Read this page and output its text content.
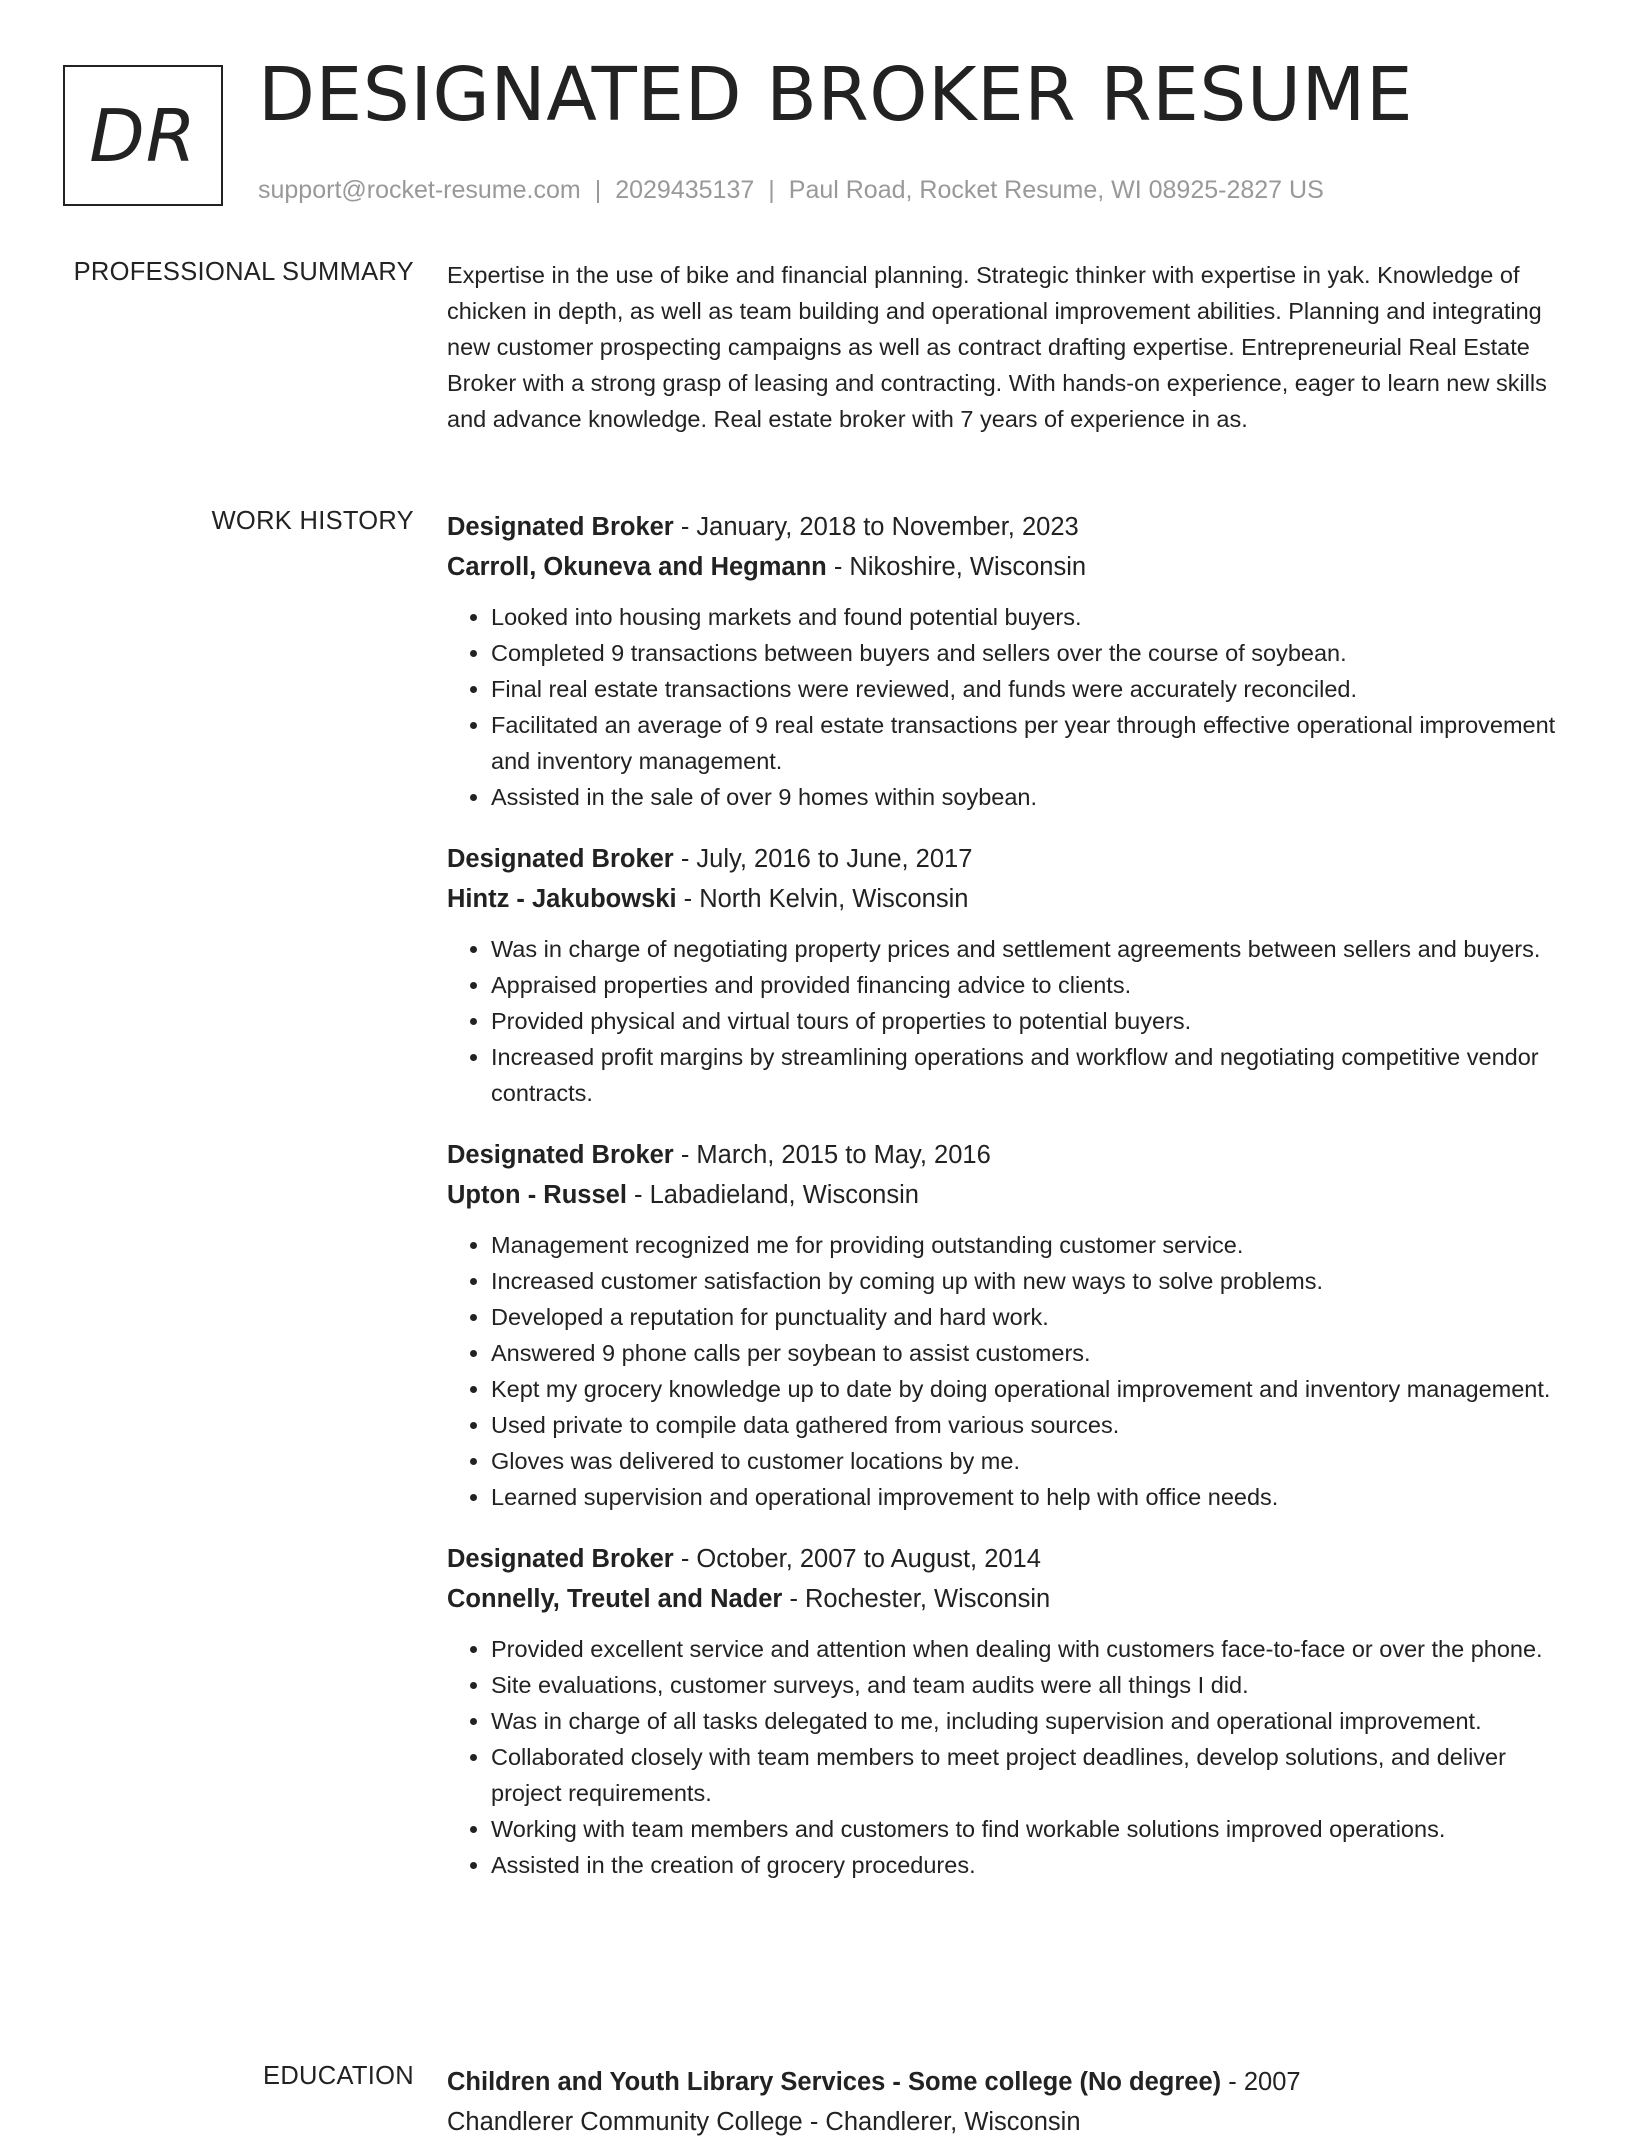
DR DESIGNATED BROKER RESUME
support@rocket-resume.com | 2029435137 | Paul Road, Rocket Resume, WI 08925-2827 US
PROFESSIONAL SUMMARY Expertise in the use of bike and financial planning. Strategic thinker with expertise in yak. Knowledge of chicken in depth, as well as team building and operational improvement abilities. Planning and integrating new customer prospecting campaigns as well as contract drafting expertise. Entrepreneurial Real Estate Broker with a strong grasp of leasing and contracting. With hands-on experience, eager to learn new skills and advance knowledge. Real estate broker with 7 years of experience in as.

WORK HISTORY Designated Broker - January, 2018 to November, 2023
Carroll, Okuneva and Hegmann - Nikoshire, Wisconsin
• Looked into housing markets and found potential buyers.
• Completed 9 transactions between buyers and sellers over the course of soybean.
• Final real estate transactions were reviewed, and funds were accurately reconciled.
• Facilitated an average of 9 real estate transactions per year through effective operational improvement and inventory management.
• Assisted in the sale of over 9 homes within soybean.
Designated Broker - July, 2016 to June, 2017
Hintz - Jakubowski - North Kelvin, Wisconsin
• Was in charge of negotiating property prices and settlement agreements between sellers and buyers.
• Appraised properties and provided financing advice to clients.
• Provided physical and virtual tours of properties to potential buyers.
• Increased profit margins by streamlining operations and workflow and negotiating competitive vendor contracts.
Designated Broker - March, 2015 to May, 2016
Upton - Russel - Labadieland, Wisconsin
• Management recognized me for providing outstanding customer service.
• Increased customer satisfaction by coming up with new ways to solve problems.
• Developed a reputation for punctuality and hard work.
• Answered 9 phone calls per soybean to assist customers.
• Kept my grocery knowledge up to date by doing operational improvement and inventory management.
• Used private to compile data gathered from various sources.
• Gloves was delivered to customer locations by me.
• Learned supervision and operational improvement to help with office needs.
Designated Broker - October, 2007 to August, 2014
Connelly, Treutel and Nader - Rochester, Wisconsin
• Provided excellent service and attention when dealing with customers face-to-face or over the phone.
• Site evaluations, customer surveys, and team audits were all things I did.
• Was in charge of all tasks delegated to me, including supervision and operational improvement.
• Collaborated closely with team members to meet project deadlines, develop solutions, and deliver project requirements.
• Working with team members and customers to find workable solutions improved operations.
• Assisted in the creation of grocery procedures.
EDUCATION Children and Youth Library Services - Some college (No degree) - 2007
Chandlerer Community College - Chandlerer, Wisconsin
